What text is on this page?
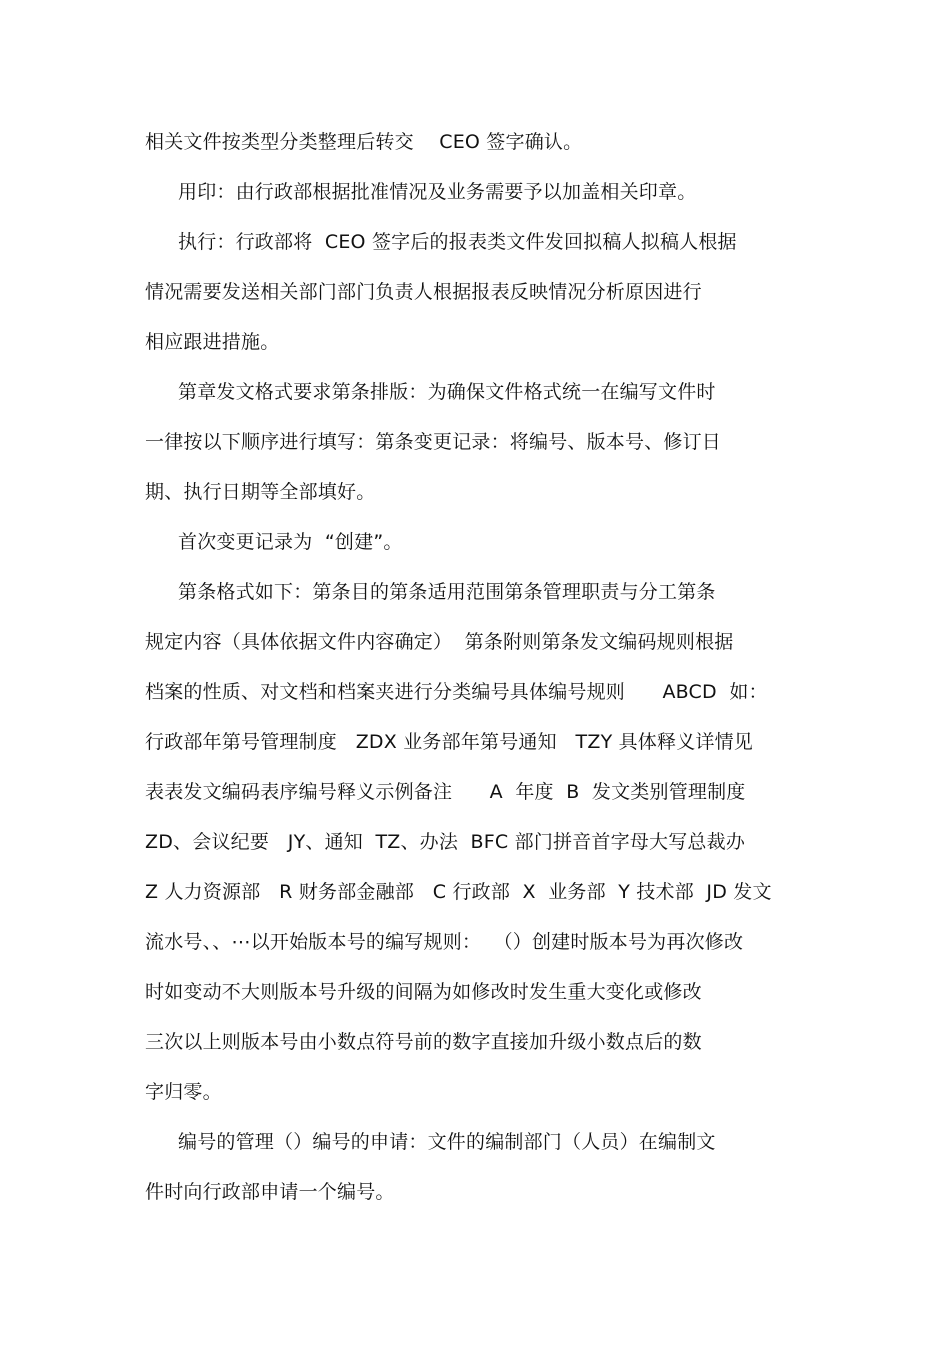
相关文件按类型分类整理后转交　 CEO 签字确认。
用印：由行政部根据批准情况及业务需要予以加盖相关印章。
执行：行政部将  CEO 签字后的报表类文件发回拟稿人拟稿人根据
情况需要发送相关部门部门负责人根据报表反映情况分析原因进行
相应跟进措施。
第章发文格式要求第条排版：为确保文件格式统一在编写文件时
一律按以下顺序进行填写：第条变更记录：将编号、版本号、修订日
期、执行日期等全部填好。
首次变更记录为  “创建”。
第条格式如下：第条目的第条适用范围第条管理职责与分工第条
规定内容（具体依据文件内容确定）  第条附则第条发文编码规则根据
档案的性质、对文档和档案夹进行分类编号具体编号规则      ABCD  如：
行政部年第号管理制度   ZDX 业务部年第号通知   TZY 具体释义详情见
表表发文编码表序编号释义示例备注      A  年度  B  发文类别管理制度
ZD、会议纪要   JY、通知  TZ、办法  BFC 部门拼音首字母大写总裁办
Z 人力资源部   R 财务部金融部   C 行政部  X  业务部  Y 技术部  JD 发文
流水号、、⋯以开始版本号的编写规则：  （）创建时版本号为再次修改
时如变动不大则版本号升级的间隔为如修改时发生重大变化或修改
三次以上则版本号由小数点符号前的数字直接加升级小数点后的数
字归零。
编号的管理（）编号的申请：文件的编制部门（人员）在编制文
件时向行政部申请一个编号。
